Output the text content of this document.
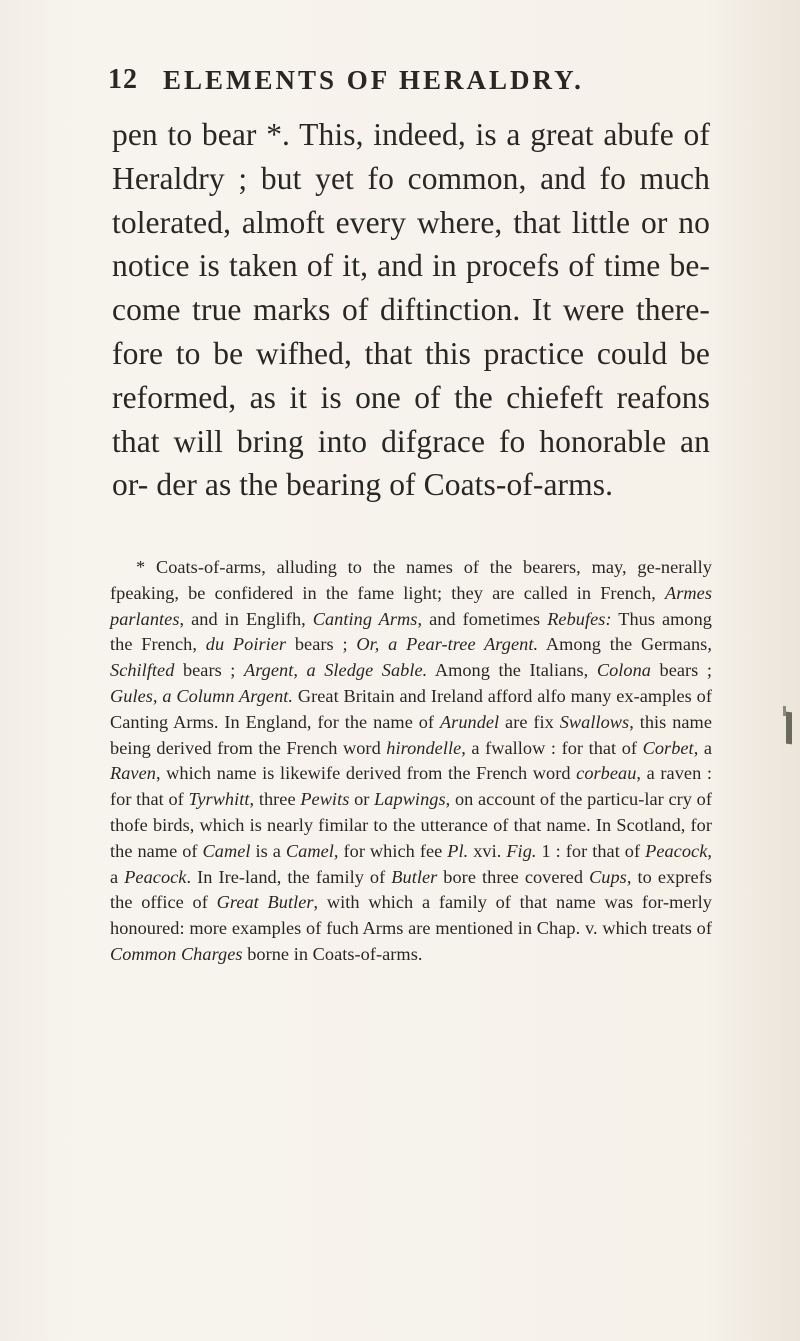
12 ELEMENTS OF HERALDRY.

pen to bear *. This, indeed, is a great abufe of Heraldry ; but yet fo common, and fo much tolerated, almoft every where, that little or no notice is taken of it, and in procefs of time be- come true marks of diftinction. It were there- fore to be wifhed, that this practice could be reformed, as it is one of the chiefeft reafons that will bring into difgrace fo honorable an or- der as the bearing of Coats-of-arms.

* Coats-of-arms, alluding to the names of the bearers, may, ge-nerally fpeaking, be confidered in the fame light; they are called in French, Armes parlantes, and in Englifh, Canting Arms, and fometimes Rebufes: Thus among the French, du Poirier bears ; Or, a Pear-tree Argent. Among the Germans, Schilfted bears ; Argent, a Sledge Sable. Among the Italians, Colona bears ; Gules, a Column Argent. Great Britain and Ireland afford alfo many ex-amples of Canting Arms. In England, for the name of Arundel are fix Swallows, this name being derived from the French word hirondelle, a fwallow : for that of Corbet, a Raven, which name is likewife derived from the French word corbeau, a raven : for that of Tyrwhitt, three Pewits or Lapwings, on account of the particu-lar cry of thofe birds, which is nearly fimilar to the utterance of that name. In Scotland, for the name of Camel is a Camel, for which fee Pl. xvi. Fig. 1 : for that of Peacock, a Peacock. In Ire-land, the family of Butler bore three covered Cups, to exprefs the office of Great Butler, with which a family of that name was for-merly honoured: more examples of fuch Arms are mentioned in Chap. v. which treats of Common Charges borne in Coats-of-arms.
